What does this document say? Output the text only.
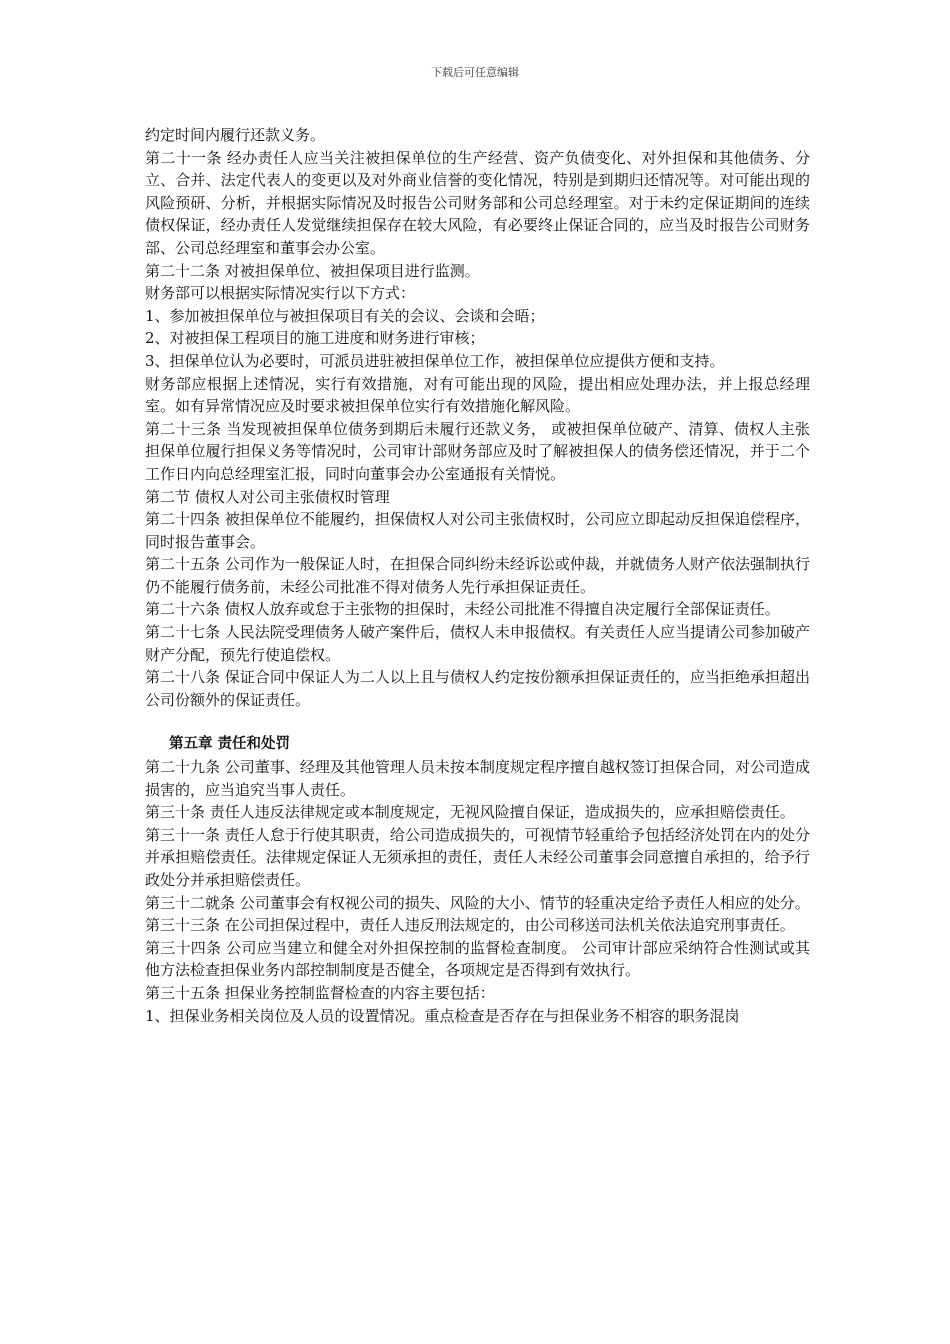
下载后可任意编辑

约定时间内履行还款义务。

第二十一条 经办责任人应当关注被担保单位的生产经营、资产负债变化、对外担保和其他债务、分立、合并、法定代表人的变更以及对外商业信誉的变化情况，特别是到期归还情况等。对可能出现的风险预研、分析，并根据实际情况及时报告公司财务部和公司总经理室。对于未约定保证期间的连续债权保证，经办责任人发觉继续担保存在较大风险，有必要终止保证合同的，应当及时报告公司财务部、公司总经理室和董事会办公室。

第二十二条 对被担保单位、被担保项目进行监测。

财务部可以根据实际情况实行以下方式：

1、参加被担保单位与被担保项目有关的会议、会谈和会晤；

2、对被担保工程项目的施工进度和财务进行审核；

3、担保单位认为必要时，可派员进驻被担保单位工作，被担保单位应提供方便和支持。

财务部应根据上述情况，实行有效措施，对有可能出现的风险，提出相应处理办法，并上报总经理室。如有异常情况应及时要求被担保单位实行有效措施化解风险。

第二十三条 当发现被担保单位债务到期后未履行还款义务， 或被担保单位破产、清算、债权人主张担保单位履行担保义务等情况时，公司审计部财务部应及时了解被担保人的债务偿还情况，并于二个工作日内向总经理室汇报，同时向董事会办公室通报有关情悦。

第二节 债权人对公司主张债权时管理

第二十四条 被担保单位不能履约，担保债权人对公司主张债权时，公司应立即起动反担保追偿程序，同时报告董事会。

第二十五条 公司作为一般保证人时，在担保合同纠纷未经诉讼或仲裁，并就债务人财产依法强制执行仍不能履行债务前，未经公司批准不得对债务人先行承担保证责任。

第二十六条 债权人放弃或怠于主张物的担保时，未经公司批准不得擅自决定履行全部保证责任。

第二十七条 人民法院受理债务人破产案件后，债权人未申报债权。有关责任人应当提请公司参加破产财产分配，预先行使追偿权。

第二十八条 保证合同中保证人为二人以上且与债权人约定按份额承担保证责任的，应当拒绝承担超出公司份额外的保证责任。

第五章 责任和处罚

第二十九条 公司董事、经理及其他管理人员未按本制度规定程序擅自越权签订担保合同，对公司造成损害的，应当追究当事人责任。

第三十条 责任人违反法律规定或本制度规定，无视风险擅自保证，造成损失的，应承担赔偿责任。

第三十一条 责任人怠于行使其职责，给公司造成损失的，可视情节轻重给予包括经济处罚在内的处分并承担赔偿责任。法律规定保证人无须承担的责任，责任人未经公司董事会同意擅自承担的，给予行政处分并承担赔偿责任。

第三十二就条 公司董事会有权视公司的损失、风险的大小、情节的轻重决定给予责任人相应的处分。

第三十三条 在公司担保过程中，责任人违反刑法规定的，由公司移送司法机关依法追究刑事责任。

第三十四条 公司应当建立和健全对外担保控制的监督检查制度。 公司审计部应采纳符合性测试或其他方法检查担保业务内部控制制度是否健全，各项规定是否得到有效执行。

第三十五条 担保业务控制监督检查的内容主要包括：

1、担保业务相关岗位及人员的设置情况。重点检查是否存在与担保业务不相容的职务混岗
